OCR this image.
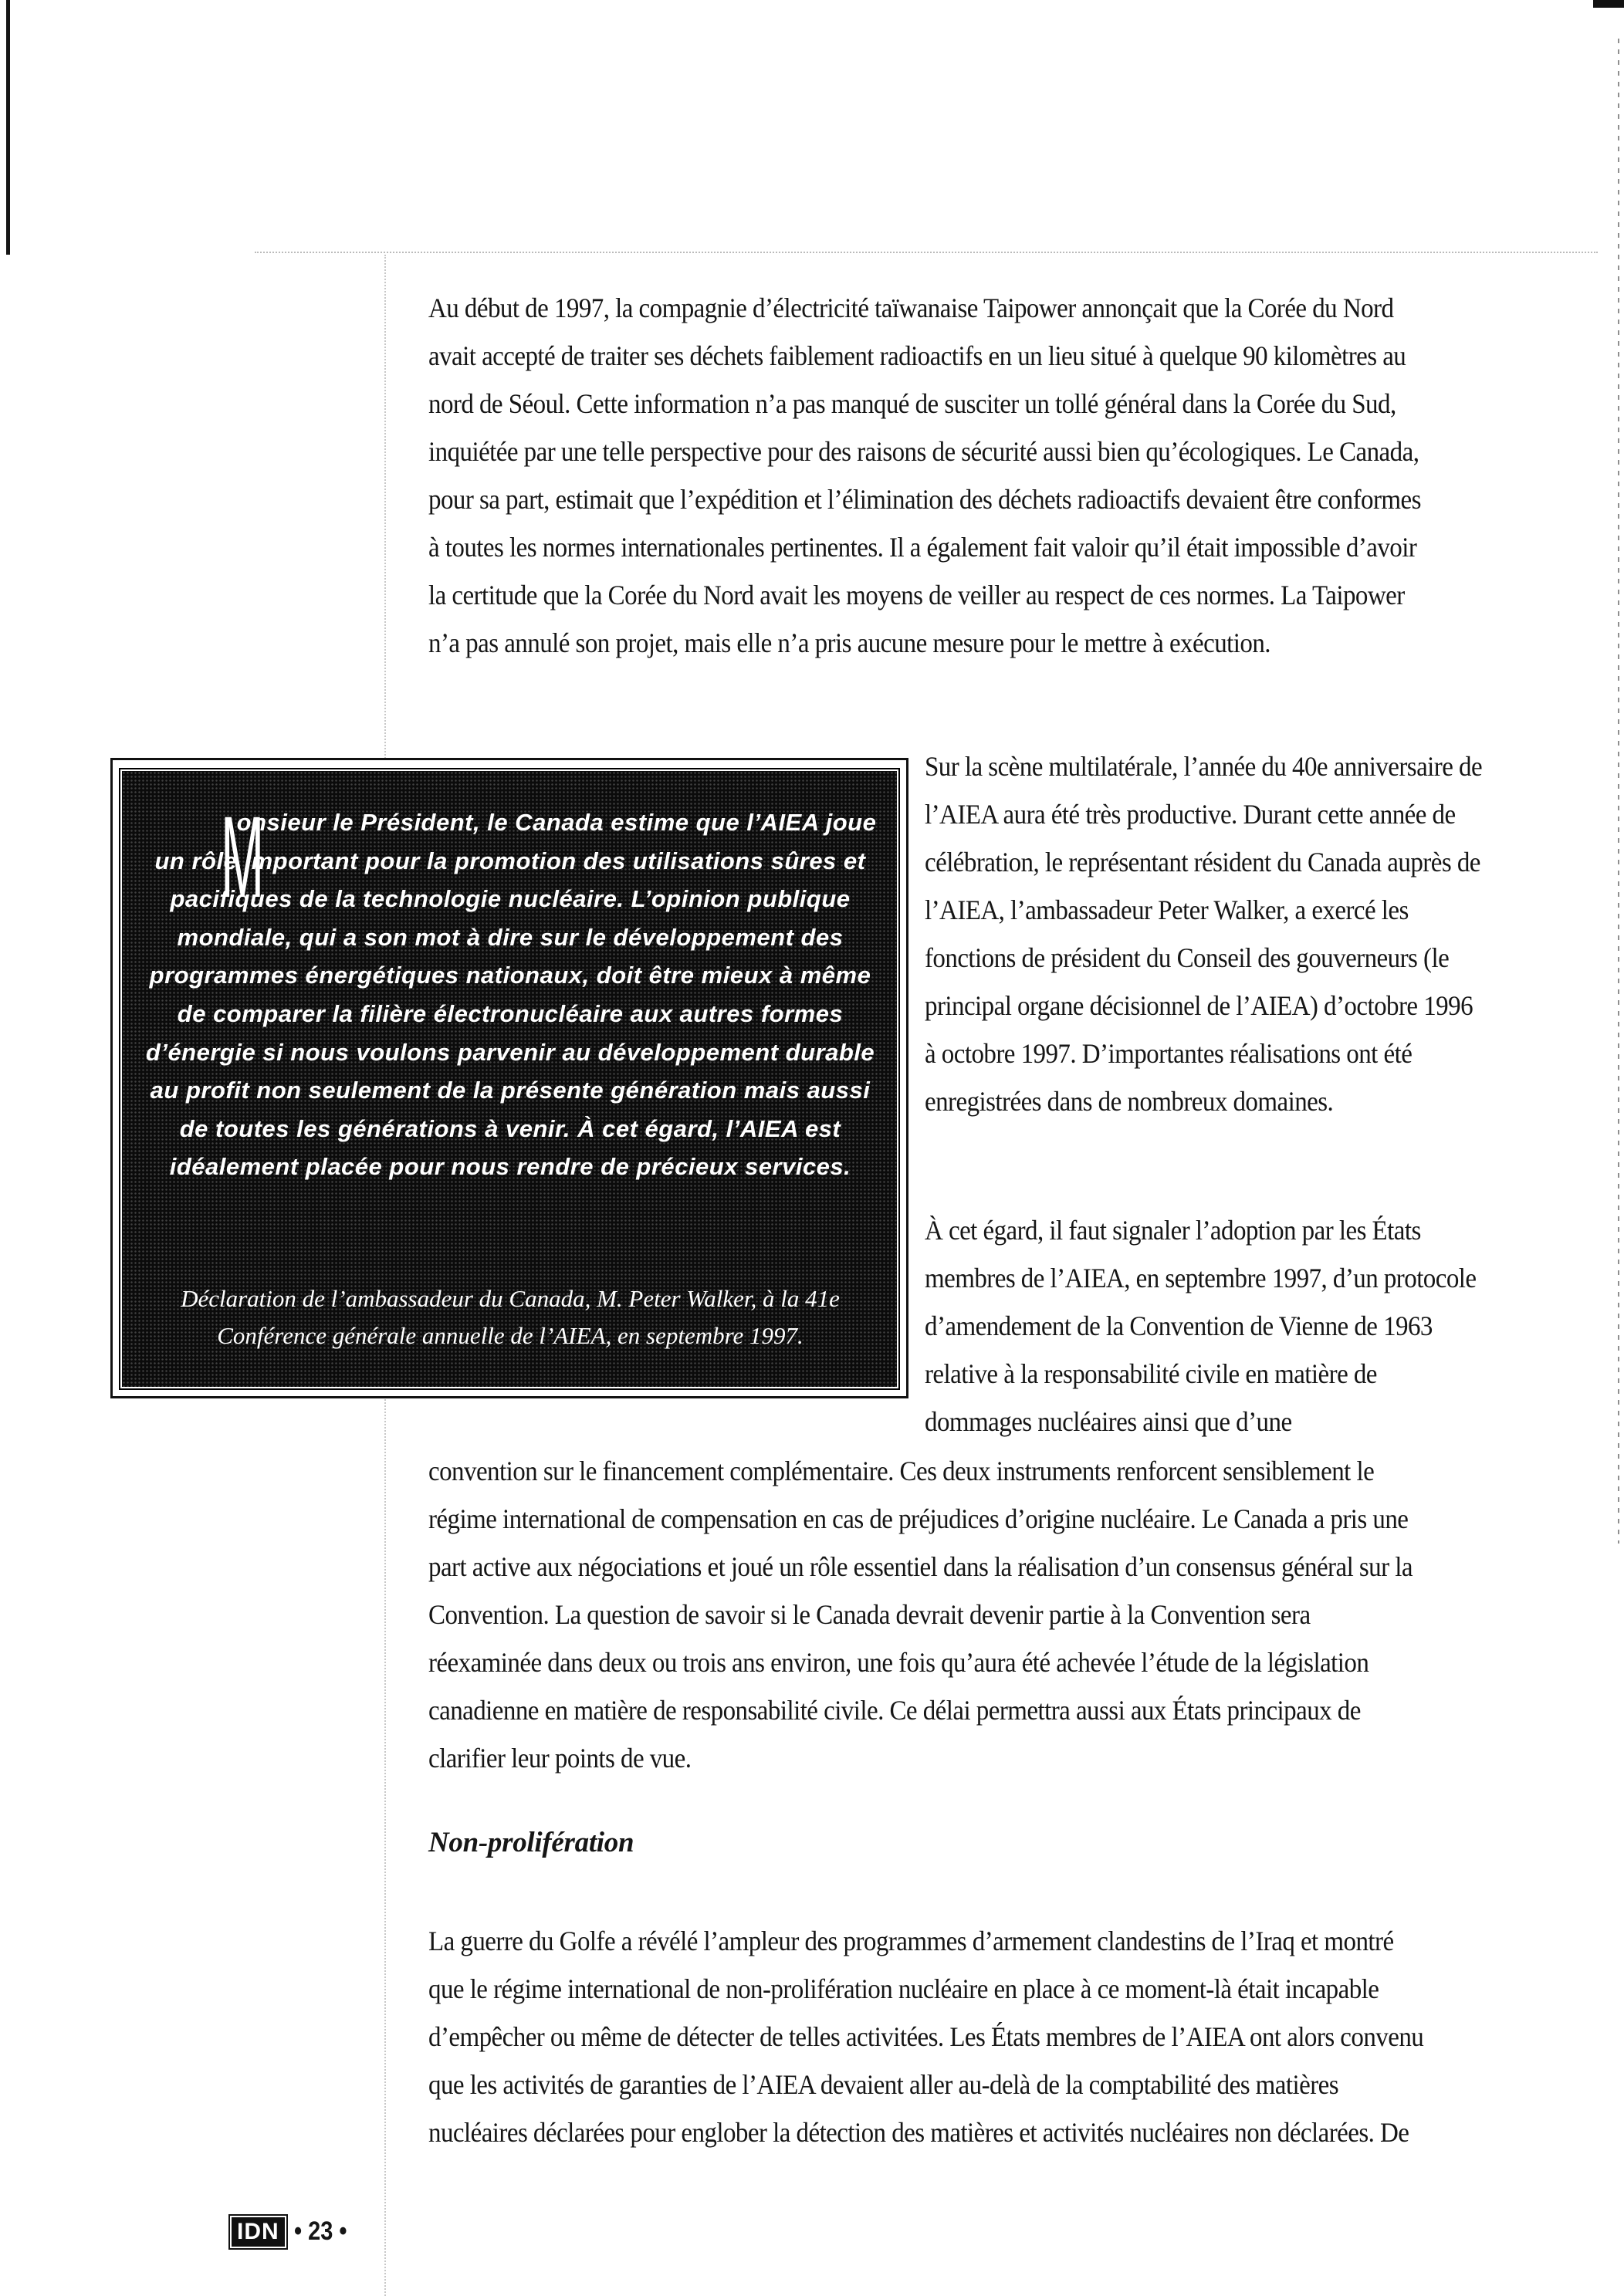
Au début de 1997, la compagnie d’électricité taïwanaise Taipower annonçait que la Corée du Nord avait accepté de traiter ses déchets faiblement radioactifs en un lieu situé à quelque 90 kilomètres au nord de Séoul. Cette information n’a pas manqué de susciter un tollé général dans la Corée du Sud, inquiétée par une telle perspective pour des raisons de sécurité aussi bien qu’écologiques. Le Canada, pour sa part, estimait que l’expédition et l’élimination des déchets radioactifs devaient être conformes à toutes les normes internationales pertinentes. Il a également fait valoir qu’il était impossible d’avoir la certitude que la Corée du Nord avait les moyens de veiller au respect de ces normes. La Taipower n’a pas annulé son projet, mais elle n’a pris aucune mesure pour le mettre à exécution.

M

onsieur le Président, le Canada estime que l’AIEA joue un rôle important pour la promotion des utilisations sûres et pacifiques de la technologie nucléaire. L’opinion publique mondiale, qui a son mot à dire sur le développement des programmes énergétiques nationaux, doit être mieux à même de comparer la filière électronucléaire aux autres formes d’énergie si nous voulons parvenir au développement durable au profit non seulement de la présente génération mais aussi de toutes les générations à venir. À cet égard, l’AIEA est idéalement placée pour nous rendre de précieux services.

Déclaration de l’ambassadeur du Canada, M. Peter Walker, à la 41e Conférence générale annuelle de l’AIEA, en septembre 1997.

Sur la scène multilatérale, l’année du 40e anniversaire de l’AIEA aura été très productive. Durant cette année de célébration, le représentant résident du Canada auprès de l’AIEA, l’ambassadeur Peter Walker, a exercé les fonctions de président du Conseil des gouverneurs (le principal organe décisionnel de l’AIEA) d’octobre 1996 à octobre 1997. D’importantes réalisations ont été enregistrées dans de nombreux domaines.

À cet égard, il faut signaler l’adoption par les États membres de l’AIEA, en septembre 1997, d’un protocole d’amendement de la Convention de Vienne de 1963 relative à la responsabilité civile en matière de dommages nucléaires ainsi que d’une

convention sur le financement complémentaire. Ces deux instruments renforcent sensiblement le régime international de compensation en cas de préjudices d’origine nucléaire. Le Canada a pris une part active aux négociations et joué un rôle essentiel dans la réalisation d’un consensus général sur la Convention. La question de savoir si le Canada devrait devenir partie à la Convention sera réexaminée dans deux ou trois ans environ, une fois qu’aura été achevée l’étude de la législation canadienne en matière de responsabilité civile. Ce délai permettra aussi aux États principaux de clarifier leur points de vue.

Non-prolifération

La guerre du Golfe a révélé l’ampleur des programmes d’armement clandestins de l’Iraq et montré que le régime international de non-prolifération nucléaire en place à ce moment-là était incapable d’empêcher ou même de détecter de telles activitées. Les États membres de l’AIEA ont alors convenu que les activités de garanties de l’AIEA devaient aller au-delà de la comptabilité des matières nucléaires déclarées pour englober la détection des matières et activités nucléaires non déclarées. De

IDN • 23 •
